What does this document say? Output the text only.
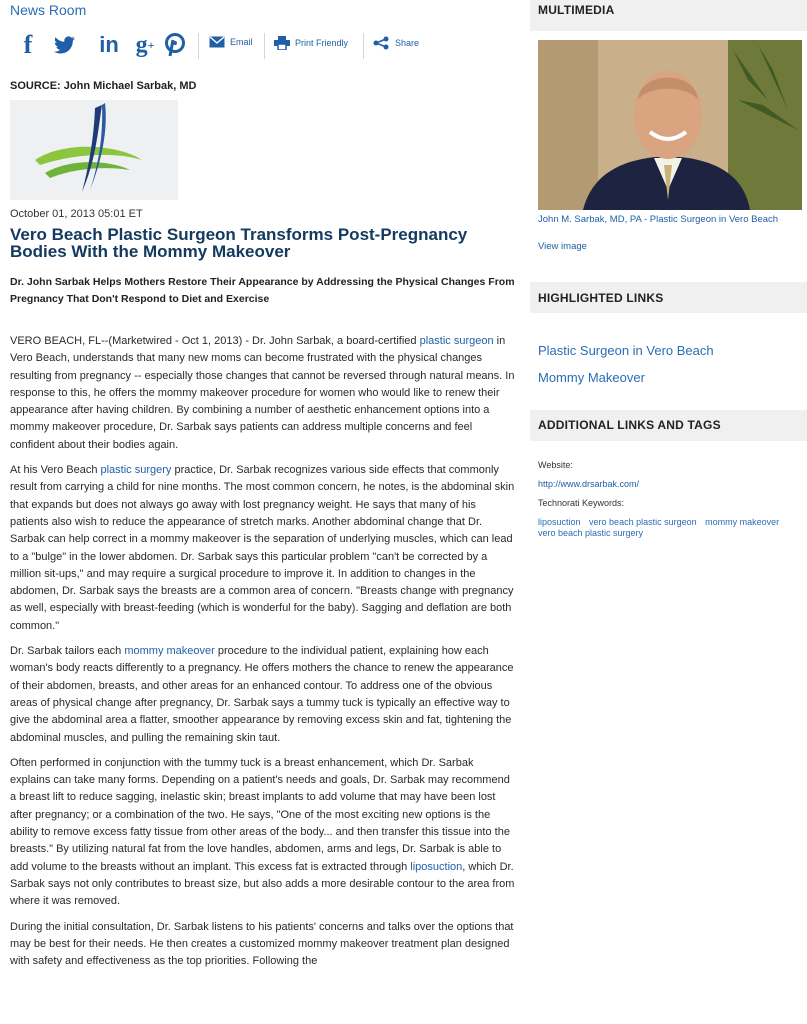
News Room
f	in g +	Email	Print Friendly	Share
SOURCE: John Michael Sarbak, MD
October 01, 2013 05:01 ET
Vero Beach Plastic Surgeon Transforms Post-Pregnancy Bodies With the Mommy Makeover
Dr. John Sarbak Helps Mothers Restore Their Appearance by Addressing the Physical Changes From Pregnancy That Don't Respond to Diet and Exercise

VERO BEACH, FL--(Marketwired - Oct 1, 2013) - Dr. John Sarbak, a board-certified plastic surgeon in Vero Beach, understands that many new moms can become frustrated with the physical changes resulting from pregnancy -- especially those changes that cannot be reversed through natural means. In response to this, he offers the mommy makeover procedure for women who would like to renew their appearance after having children. By combining a number of aesthetic enhancement options into a mommy makeover procedure, Dr. Sarbak says patients can address multiple concerns and feel confident about their bodies again.

At his Vero Beach plastic surgery practice, Dr. Sarbak recognizes various side effects that commonly result from carrying a child for nine months. The most common concern, he notes, is the abdominal skin that expands but does not always go away with lost pregnancy weight. He says that many of his patients also wish to reduce the appearance of stretch marks. Another abdominal change that Dr. Sarbak can help correct in a mommy makeover is the separation of underlying muscles, which can lead to a "bulge" in the lower abdomen. Dr. Sarbak says this particular problem "can't be corrected by a million sit-ups," and may require a surgical procedure to improve it. In addition to changes in the abdomen, Dr. Sarbak says the breasts are a common area of concern. "Breasts change with pregnancy as well, especially with breast-feeding (which is wonderful for the baby). Sagging and deflation are both common."

Dr. Sarbak tailors each mommy makeover procedure to the individual patient, explaining how each woman's body reacts differently to a pregnancy. He offers mothers the chance to renew the appearance of their abdomen, breasts, and other areas for an enhanced contour. To address one of the obvious areas of physical change after pregnancy, Dr. Sarbak says a tummy tuck is typically an effective way to give the abdominal area a flatter, smoother appearance by removing excess skin and fat, tightening the abdominal muscles, and pulling the remaining skin taut.

Often performed in conjunction with the tummy tuck is a breast enhancement, which Dr. Sarbak explains can take many forms. Depending on a patient's needs and goals, Dr. Sarbak may recommend a breast lift to reduce sagging, inelastic skin; breast implants to add volume that may have been lost after pregnancy; or a combination of the two. He says, "One of the most exciting new options is the ability to remove excess fatty tissue from other areas of the body... and then transfer this tissue into the breasts." By utilizing natural fat from the love handles, abdomen, arms and legs, Dr. Sarbak is able to add volume to the breasts without an implant. This excess fat is extracted through liposuction, which Dr. Sarbak says not only contributes to breast size, but also adds a more desirable contour to the area from where it was removed.

During the initial consultation, Dr. Sarbak listens to his patients' concerns and talks over the options that may be best for their needs. He then creates a customized mommy makeover treatment plan designed with safety and effectiveness as the top priorities. Following the

MULTIMEDIA
John M. Sarbak, MD, PA - Plastic Surgeon in Vero Beach
View image
HIGHLIGHTED LINKS
Plastic Surgeon in Vero Beach
Mommy Makeover
ADDITIONAL LINKS AND TAGS
Website:
http://www.drsarbak.com/
Technorati Keywords:
liposuction vero beach plastic surgeon mommy makeover vero beach plastic surgery
